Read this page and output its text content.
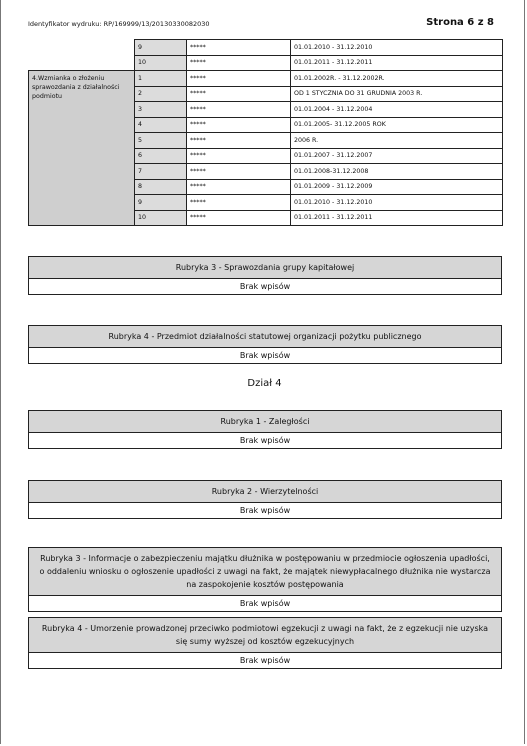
Identyfikator wydruku: RP/169999/13/20130330082030	Strona 6 z 8
	9	*****	01.01.2010 - 31.12.2010
	10	*****	01.01.2011 - 31.12.2011
4.Wzmianka o złożeniu sprawozdania z działalności podmiotu	1	*****	01.01.2002R. - 31.12.2002R.
	2	*****	OD 1 STYCZNIA DO 31 GRUDNIA 2003 R.
	3	*****	01.01.2004 - 31.12.2004
	4	*****	01.01.2005- 31.12.2005 ROK
	5	*****	2006 R.
	6	*****	01.01.2007 - 31.12.2007
	7	*****	01.01.2008-31.12.2008
	8	*****	01.01.2009 - 31.12.2009
	9	*****	01.01.2010 - 31.12.2010
	10	*****	01.01.2011 - 31.12.2011
Rubryka 3 - Sprawozdania grupy kapitałowej
Brak wpisów
Rubryka 4 - Przedmiot działalności statutowej organizacji pożytku publicznego
Brak wpisów
Dział 4
Rubryka 1 - Zaległości
Brak wpisów
Rubryka 2 - Wierzytelności
Brak wpisów
Rubryka 3 - Informacje o zabezpieczeniu majątku dłużnika w postępowaniu w przedmiocie ogłoszenia upadłości, o oddaleniu wniosku o ogłoszenie upadłości z uwagi na fakt, że majątek niewypłacalnego dłużnika nie wystarcza na zaspokojenie kosztów postępowania
Brak wpisów
Rubryka 4 - Umorzenie prowadzonej przeciwko podmiotowi egzekucji z uwagi na fakt, że z egzekucji nie uzyska się sumy wyższej od kosztów egzekucyjnych
Brak wpisów
